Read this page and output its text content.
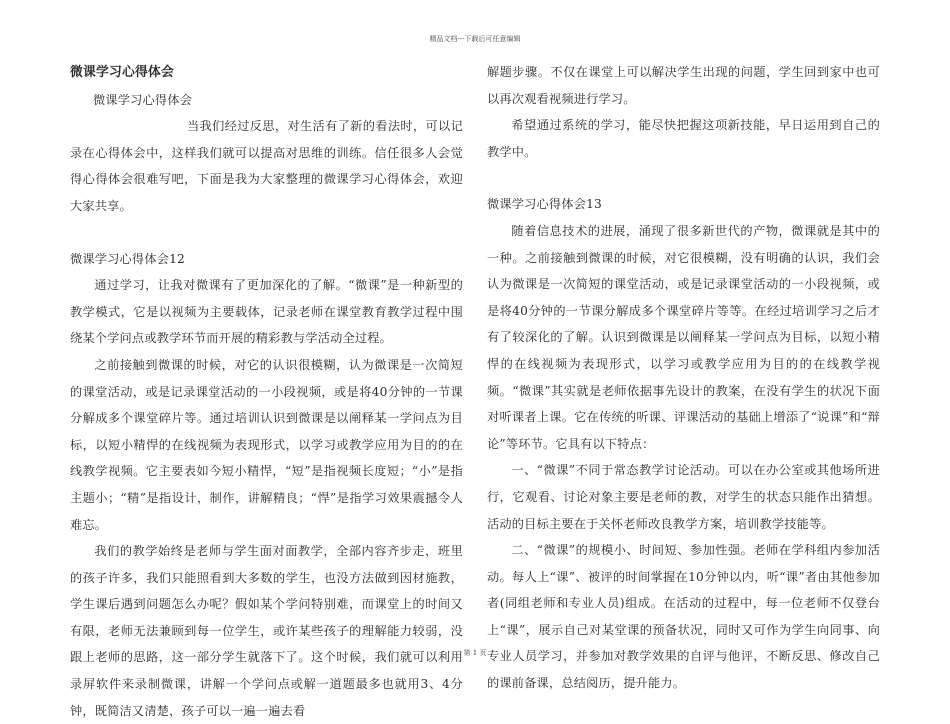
精品文档---下载后可任意编辑

微课学习心得体会

微课学习心得体会

当我们经过反思，对生活有了新的看法时，可以记录在心得体会中，这样我们就可以提高对思维的训练。信任很多人会觉得心得体会很难写吧，下面是我为大家整理的微课学习心得体会，欢迎大家共享。

微课学习心得体会12

通过学习，让我对微课有了更加深化的了解。“微课”是一种新型的教学模式，它是以视频为主要载体，记录老师在课堂教育教学过程中围绕某个学问点或教学环节而开展的精彩教与学活动全过程。

之前接触到微课的时候，对它的认识很模糊，认为微课是一次简短的课堂活动，或是记录课堂活动的一小段视频，或是将40分钟的一节课分解成多个课堂碎片等。通过培训认识到微课是以阐释某一学问点为目标，以短小精悍的在线视频为表现形式，以学习或教学应用为目的的在线教学视频。它主要表如今短小精悍，“短”是指视频长度短；“小”是指主题小；“精”是指设计，制作，讲解精良；“悍”是指学习效果震撼令人难忘。

我们的教学始终是老师与学生面对面教学，全部内容齐步走，班里的孩子许多，我们只能照看到大多数的学生，也没方法做到因材施教，学生课后遇到问题怎么办呢？假如某个学问特别难，而课堂上的时间又有限，老师无法兼顾到每一位学生，或许某些孩子的理解能力较弱，没跟上老师的思路，这一部分学生就落下了。这个时候，我们就可以利用录屏软件来录制微课，讲解一个学问点或解一道题最多也就用3、4分钟，既简洁又清楚，孩子可以一遍一遍去看

解题步骤。不仅在课堂上可以解决学生出现的问题，学生回到家中也可以再次观看视频进行学习。

希望通过系统的学习，能尽快把握这项新技能，早日运用到自己的教学中。

微课学习心得体会13

随着信息技术的进展，涌现了很多新世代的产物，微课就是其中的一种。之前接触到微课的时候，对它很模糊，没有明确的认识，我们会认为微课是一次简短的课堂活动，或是记录课堂活动的一小段视频，或是将40分钟的一节课分解成多个课堂碎片等等。在经过培训学习之后才有了较深化的了解。认识到微课是以阐释某一学问点为目标，以短小精悍的在线视频为表现形式，以学习或教学应用为目的的在线教学视频。“微课”其实就是老师依据事先设计的教案，在没有学生的状况下面对听课者上课。它在传统的听课、评课活动的基础上增添了“说课”和“辩论”等环节。它具有以下特点：

一、“微课”不同于常态教学讨论活动。可以在办公室或其他场所进行，它观看、讨论对象主要是老师的教，对学生的状态只能作出猜想。活动的目标主要在于关怀老师改良教学方案，培训教学技能等。

二、“微课”的规模小、时间短、参加性强。老师在学科组内参加活动。每人上“课”、被评的时间掌握在10分钟以内，听“课”者由其他参加者(同组老师和专业人员)组成。在活动的过程中，每一位老师不仅登台上“课”，展示自己对某堂课的预备状况，同时又可作为学生向同事、向专业人员学习，并参加对教学效果的自评与他评，不断反思、修改自己的课前备课，总结阅历，提升能力。

第 1 页
